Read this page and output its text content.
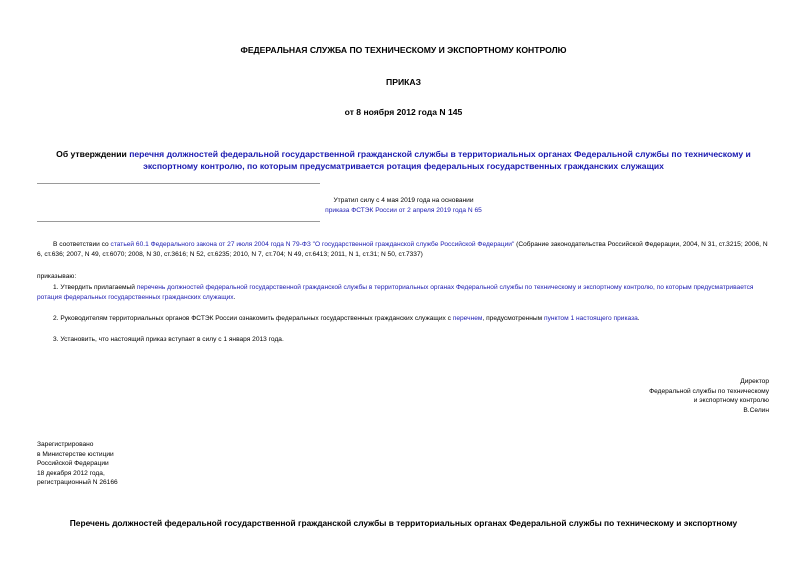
ФЕДЕРАЛЬНАЯ СЛУЖБА ПО ТЕХНИЧЕСКОМУ И ЭКСПОРТНОМУ КОНТРОЛЮ
ПРИКАЗ
от 8 ноября 2012 года N 145
Об утверждении перечня должностей федеральной государственной гражданской службы в территориальных органах Федеральной службы по техническому и экспортному контролю, по которым предусматривается ротация федеральных государственных гражданских служащих
Утратил силу с 4 мая 2019 года на основании
приказа ФСТЭК России от 2 апреля 2019 года N 65

В соответствии со статьей 60.1 Федерального закона от 27 июля 2004 года N 79-ФЗ "О государственной гражданской службе Российской Федерации" (Собрание законодательства Российской Федерации, 2004, N 31, ст.3215; 2006, N 6, ст.636; 2007, N 49, ст.6070; 2008, N 30, ст.3616; N 52, ст.6235; 2010, N 7, ст.704; N 49, ст.6413; 2011, N 1, ст.31; N 50, ст.7337)

приказываю:

1. Утвердить прилагаемый перечень должностей федеральной государственной гражданской службы в территориальных органах Федеральной службы по техническому и экспортному контролю, по которым предусматривается ротация федеральных государственных гражданских служащих.

2. Руководителям территориальных органов ФСТЭК России ознакомить федеральных государственных гражданских служащих с перечнем, предусмотренным пунктом 1 настоящего приказа.

3. Установить, что настоящий приказ вступает в силу с 1 января 2013 года.

Директор
Федеральной службы по техническому
и экспортному контролю
В.Селин
Зарегистрировано
в Министерстве юстиции
Российской Федерации
18 декабря 2012 года,
регистрационный N 26166
Перечень должностей федеральной государственной гражданской службы в территориальных органах Федеральной службы по техническому и экспортному
